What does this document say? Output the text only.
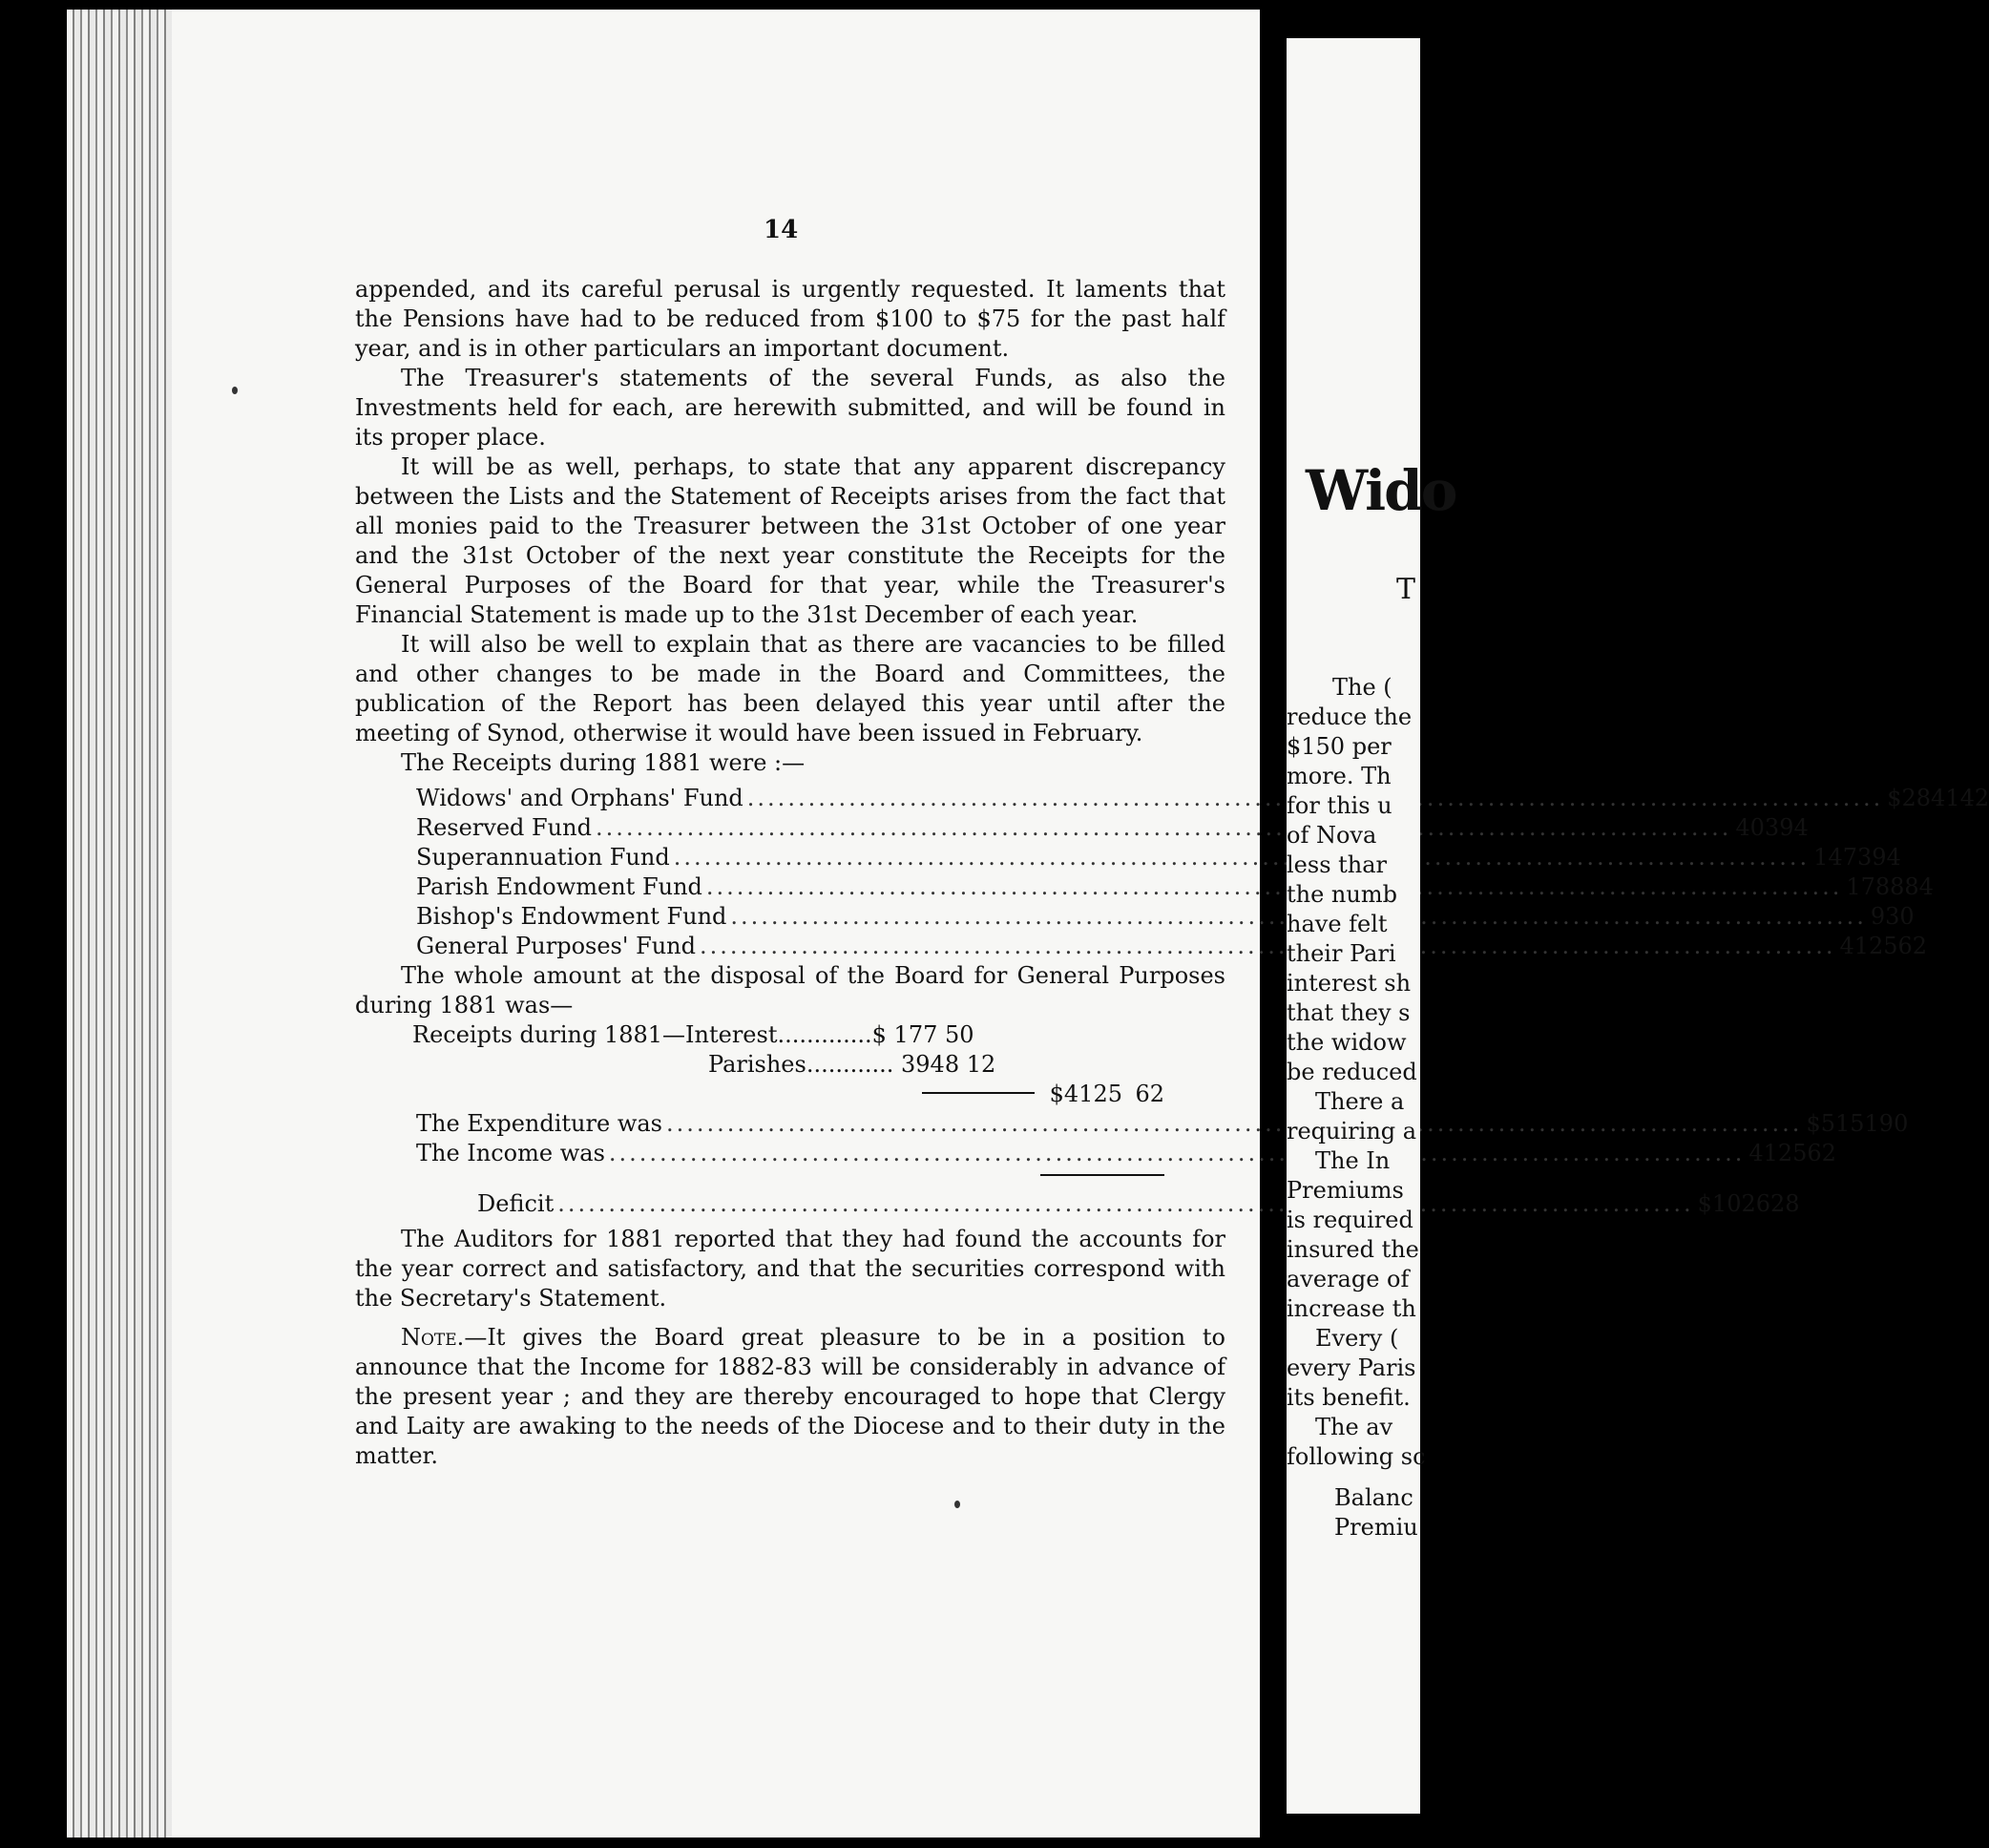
14

appended, and its careful perusal is urgently requested. It laments that the Pensions have had to be reduced from $100 to $75 for the past half year, and is in other particulars an important document.

The Treasurer's statements of the several Funds, as also the Investments held for each, are herewith submitted, and will be found in its proper place.

It will be as well, perhaps, to state that any apparent discrepancy between the Lists and the Statement of Receipts arises from the fact that all monies paid to the Treasurer between the 31st October of one year and the 31st October of the next year constitute the Receipts for the General Purposes of the Board for that year, while the Treasurer's Financial Statement is made up to the 31st December of each year.

It will also be well to explain that as there are vacancies to be filled and other changes to be made in the Board and Committees, the publication of the Report has been delayed this year until after the meeting of Synod, otherwise it would have been issued in February.

The Receipts during 1881 were :—

Widows' and Orphans' Fund .....	$2841 42
Reserved Fund .....	403 94
Superannuation Fund .....	1473 94
Parish Endowment Fund .....	1788 84
Bishop's Endowment Fund .....	9 30
General Purposes' Fund .....	4125 62

The whole amount at the disposal of the Board for General Purposes during 1881 was—

Receipts during 1881—Interest.............$ 177 50
Parishes............ 3948 12
$4125 62
The Expenditure was .....	$5151 90
The Income was .....	4125 62
Deficit .....	$1026 28

The Auditors for 1881 reported that they had found the accounts for the year correct and satisfactory, and that the securities correspond with the Secretary's Statement.

Note.—It gives the Board great pleasure to be in a position to announce that the Income for 1882-83 will be considerably in advance of the present year ; and they are thereby encouraged to hope that Clergy and Laity are awaking to the needs of the Diocese and to their duty in the matter.

Wido
T
The (
reduce the
$150 per
more. Th
for this u
of Nova
less thar
the numb
have felt
their Pari
interest sh
that they s
the widow
be reduced
There a
requiring a
The In
Premiums
is required
insured the
average of
increase th
Every (
every Paris
its benefit.
The av
following sc
Balanc
Premiu
